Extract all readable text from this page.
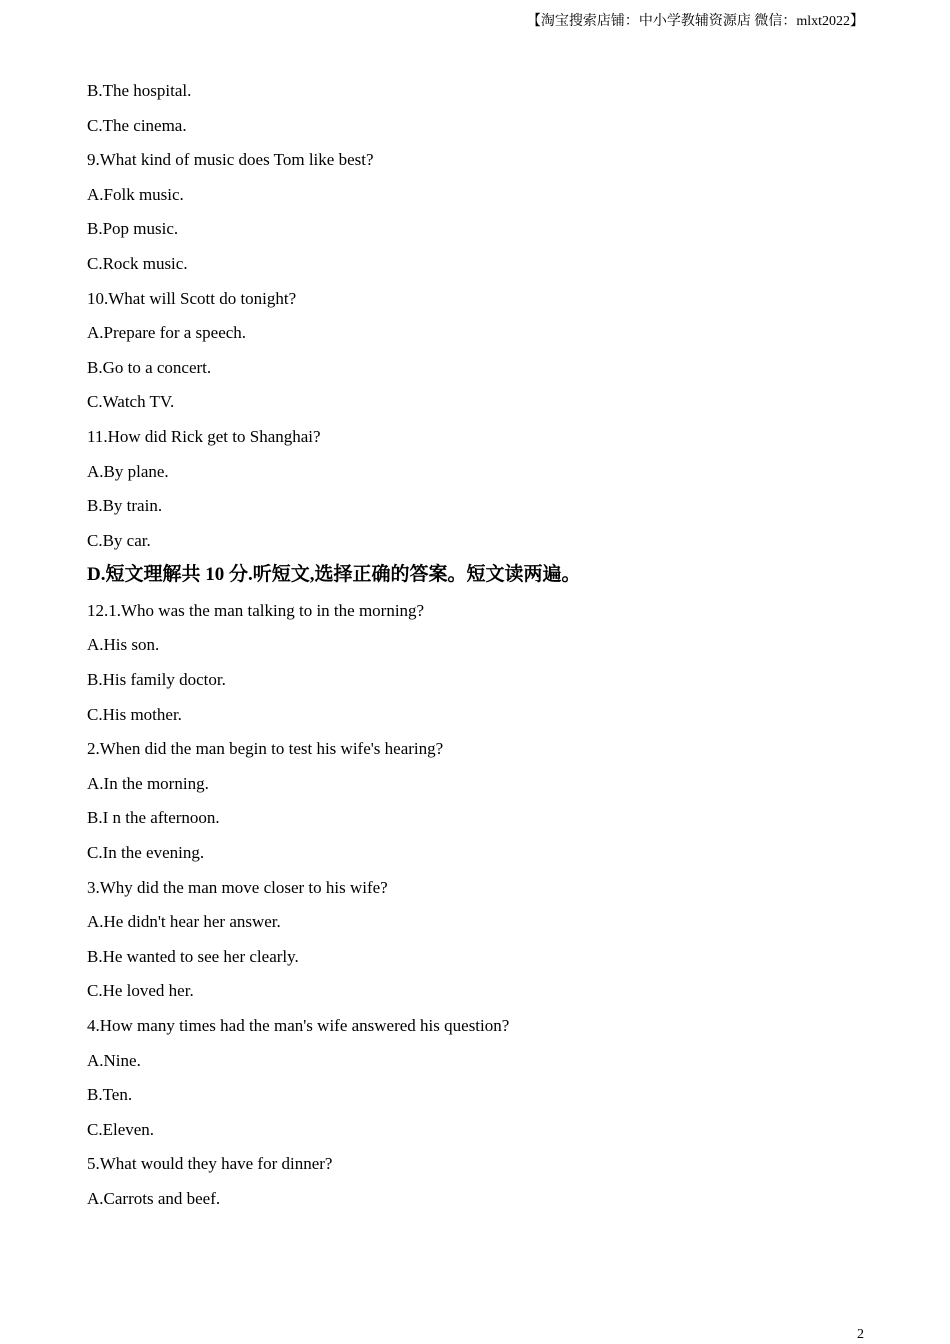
【淘宝搜索店铺：中小学教辅资源店 微信：mlxt2022】
B.The hospital.
C.The cinema.
9.What kind of music does Tom like best?
A.Folk music.
B.Pop music.
C.Rock music.
10.What will Scott do tonight?
A.Prepare for a speech.
B.Go to a concert.
C.Watch TV.
11.How did Rick get to Shanghai?
A.By plane.
B.By train.
C.By car.
D.短文理解共 10 分.听短文,选择正确的答案。短文读两遍。
12.1.Who was the man talking to in the morning?
A.His son.
B.His family doctor.
C.His mother.
2.When did the man begin to test his wife's hearing?
A.In the morning.
B.I n the afternoon.
C.In the evening.
3.Why did the man move closer to his wife?
A.He didn't hear her answer.
B.He wanted to see her clearly.
C.He loved her.
4.How many times had the man's wife answered his question?
A.Nine.
B.Ten.
C.Eleven.
5.What would they have for dinner?
A.Carrots and beef.
2
